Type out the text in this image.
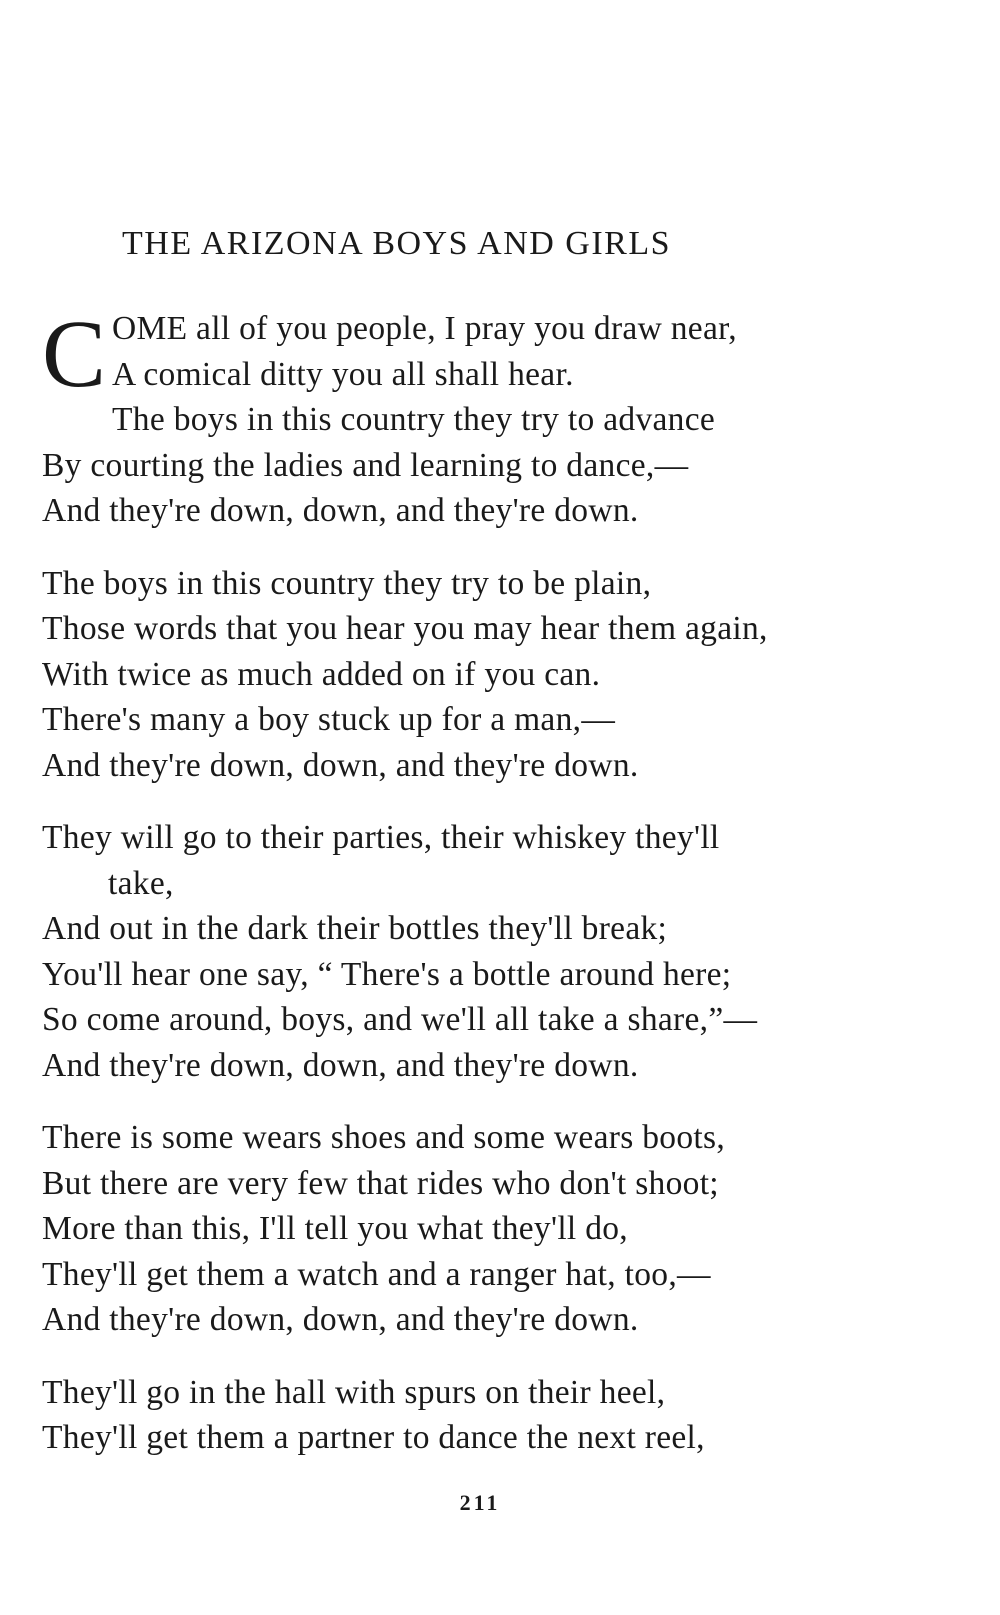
THE ARIZONA BOYS AND GIRLS
C OME all of you people, I pray you draw near,
A comical ditty you all shall hear.
The boys in this country they try to advance
By courting the ladies and learning to dance,—
And they're down, down, and they're down.
The boys in this country they try to be plain,
Those words that you hear you may hear them again,
With twice as much added on if you can.
There's many a boy stuck up for a man,—
And they're down, down, and they're down.
They will go to their parties, their whiskey they'll
take,
And out in the dark their bottles they'll break;
You'll hear one say, “ There's a bottle around here;
So come around, boys, and we'll all take a share,”—
And they're down, down, and they're down.
There is some wears shoes and some wears boots,
But there are very few that rides who don't shoot;
More than this, I'll tell you what they'll do,
They'll get them a watch and a ranger hat, too,—
And they're down, down, and they're down.
They'll go in the hall with spurs on their heel,
They'll get them a partner to dance the next reel,
211
